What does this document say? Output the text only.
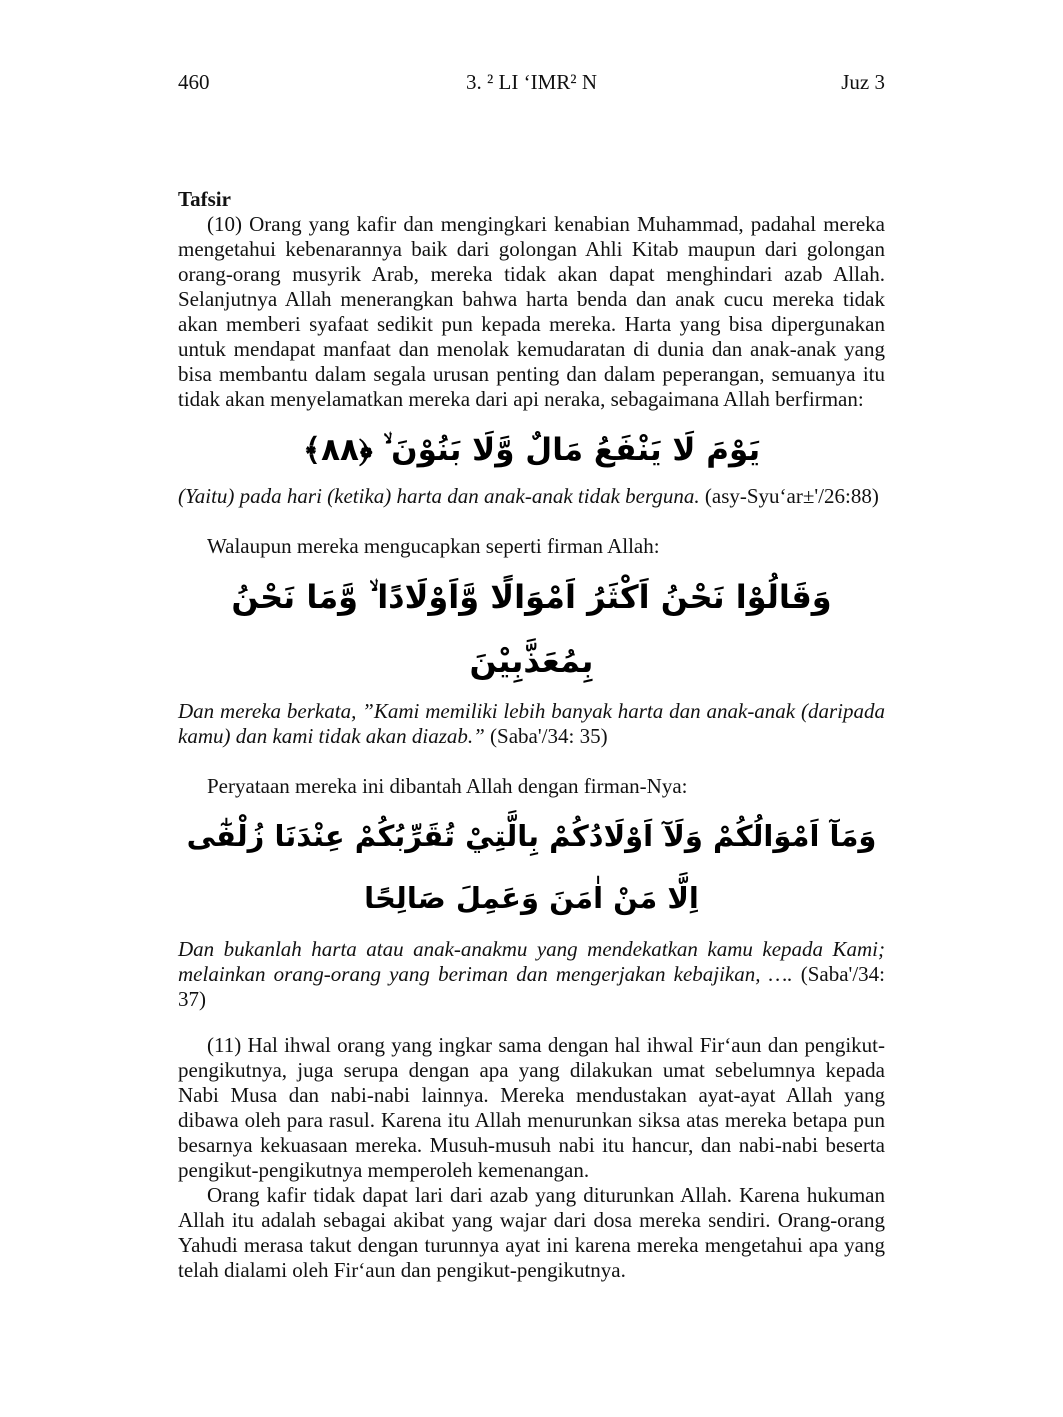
460	3. ² LI ‘IMR² N	Juz 3

Tafsir

(10) Orang yang kafir dan mengingkari kenabian Muhammad, padahal mereka mengetahui kebenarannya baik dari golongan Ahli Kitab maupun dari golongan orang-orang musyrik Arab, mereka tidak akan dapat menghindari azab Allah. Selanjutnya Allah menerangkan bahwa harta benda dan anak cucu mereka tidak akan memberi syafaat sedikit pun kepada mereka. Harta yang bisa dipergunakan untuk mendapat manfaat dan menolak kemudaratan di dunia dan anak-anak yang bisa membantu dalam segala urusan penting dan dalam peperangan, semuanya itu tidak akan menyelamatkan mereka dari api neraka, sebagaimana Allah berfirman:

يَوْمَ لَا يَنْفَعُ مَالٌ وَّلَا بَنُوْنَ ۙ ﴿٨٨﴾

(Yaitu) pada hari (ketika) harta dan anak-anak tidak berguna. (asy-Syu‘ar±'/26:88)

Walaupun mereka mengucapkan seperti firman Allah:

وَقَالُوْا نَحْنُ اَكْثَرُ اَمْوَالًا وَّاَوْلَادًا ۙ وَّمَا نَحْنُ بِمُعَذَّبِيْنَ

Dan mereka berkata, ”Kami memiliki lebih banyak harta dan anak-anak (daripada kamu) dan kami tidak akan diazab.” (Saba'/34: 35)

Peryataan mereka ini dibantah Allah dengan firman-Nya:

وَمَآ اَمْوَالُكُمْ وَلَآ اَوْلَادُكُمْ بِالَّتِيْ تُقَرِّبُكُمْ عِنْدَنَا زُلْفٰٓى اِلَّا مَنْ اٰمَنَ وَعَمِلَ صَالِحًا

Dan bukanlah harta atau anak-anakmu yang mendekatkan kamu kepada Kami; melainkan orang-orang yang beriman dan mengerjakan kebajikan, …. (Saba'/34: 37)

(11) Hal ihwal orang yang ingkar sama dengan hal ihwal Fir‘aun dan pengikut-pengikutnya, juga serupa dengan apa yang dilakukan umat sebelumnya kepada Nabi Musa dan nabi-nabi lainnya. Mereka mendustakan ayat-ayat Allah yang dibawa oleh para rasul. Karena itu Allah menurunkan siksa atas mereka betapa pun besarnya kekuasaan mereka. Musuh-musuh nabi itu hancur, dan nabi-nabi beserta pengikut-pengikutnya memperoleh kemenangan.

Orang kafir tidak dapat lari dari azab yang diturunkan Allah. Karena hukuman Allah itu adalah sebagai akibat yang wajar dari dosa mereka sendiri. Orang-orang Yahudi merasa takut dengan turunnya ayat ini karena mereka mengetahui apa yang telah dialami oleh Fir‘aun dan pengikut-pengikutnya.
